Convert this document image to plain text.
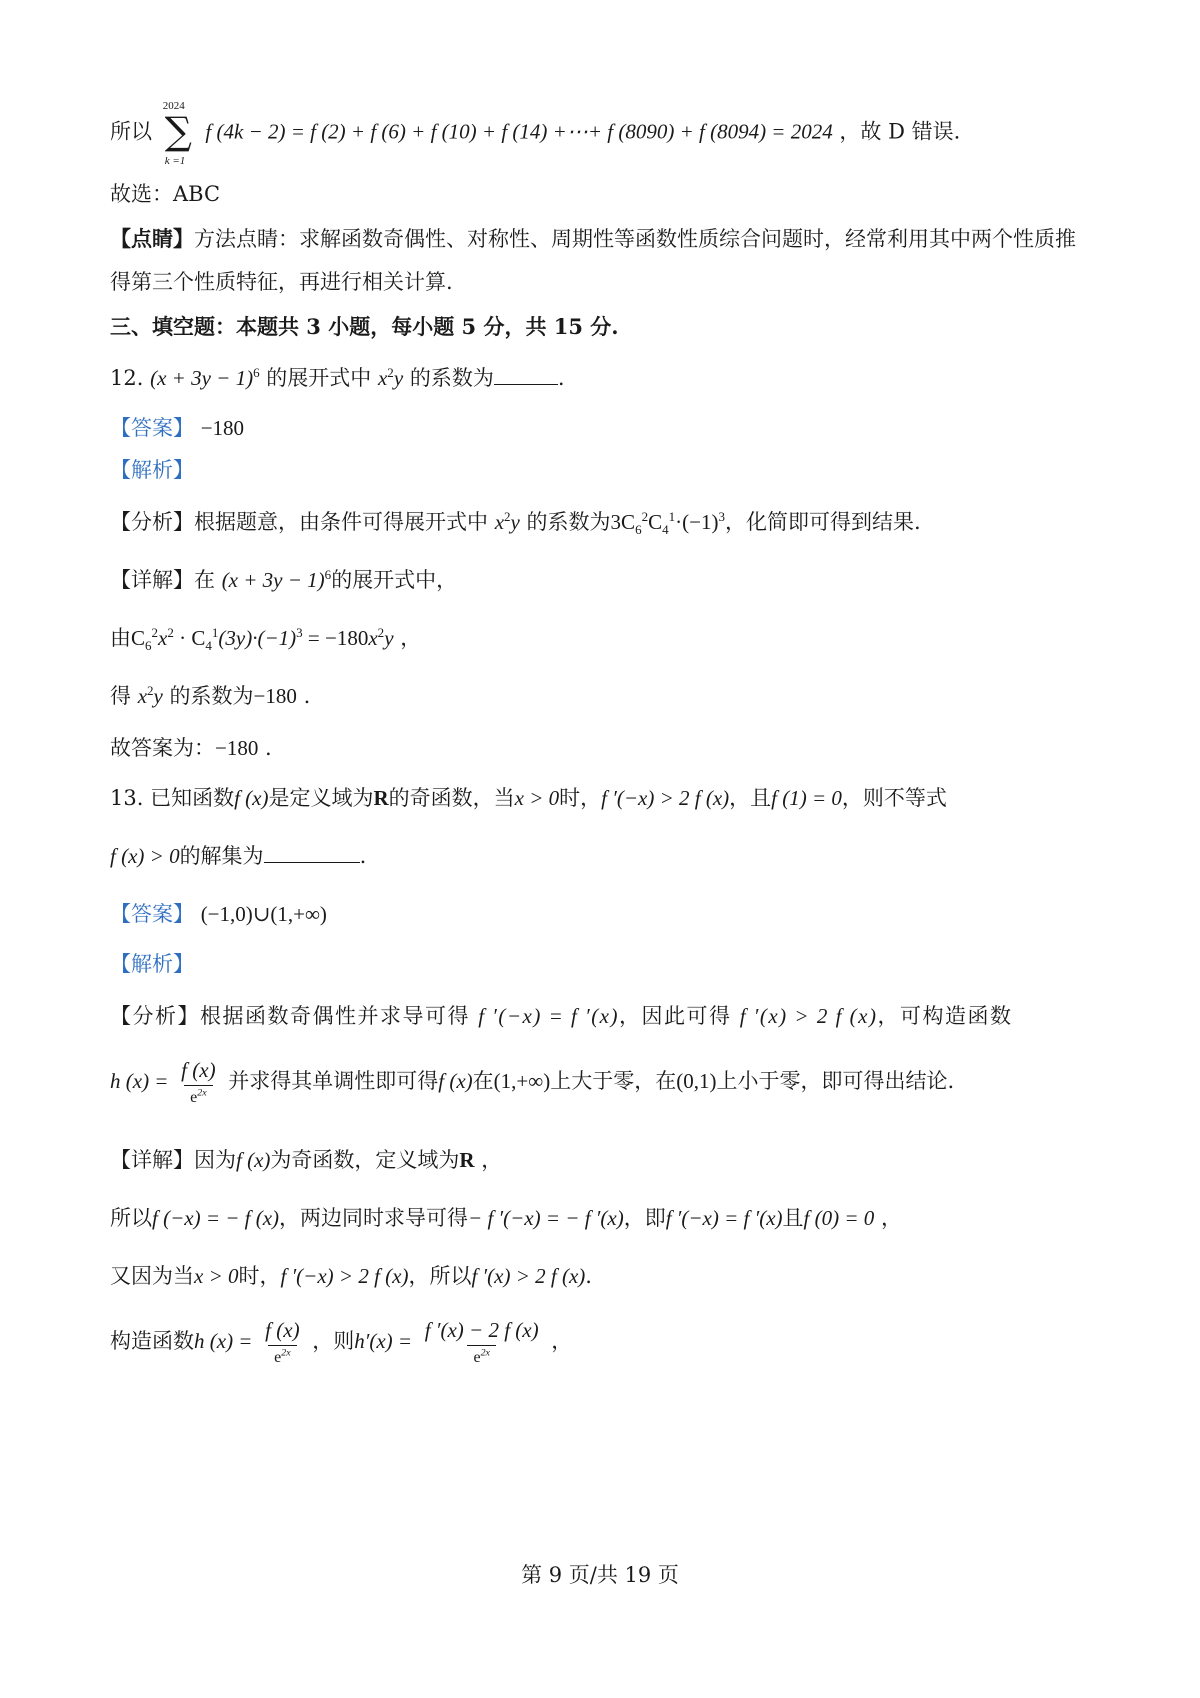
所以
2024
∑
k =1
f (4k − 2) = f (2) + f (6) + f (10) + f (14) +⋯+ f (8090) + f (8094) = 2024 ，故 D 错误.
故选：ABC
【点睛】方法点睛：求解函数奇偶性、对称性、周期性等函数性质综合问题时，经常利用其中两个性质推
得第三个性质特征，再进行相关计算.
三、填空题：本题共 3 小题，每小题 5 分，共 15 分.
12. $(x + 3y - 1)^6$ 的展开式中 $x^2y$ 的系数为	.
【答案】 −180
【解析】
【分析】根据题意，由条件可得展开式中 $x^2y$ 的系数为$3C_6^2C_4^1\cdot(-1)^3$，化简即可得到结果.
【详解】在 $(x + 3y - 1)^6$的展开式中，
由$C_6^2x^2 \cdot C_4^1(3y)\cdot(-1)^3 = -180x^2y$ ，
得 $x^2y$ 的系数为−180 .
故答案为：−180 .
13. 已知函数f (x)是定义域为R的奇函数，当x > 0时，f ′(−x) > 2 f (x)，且f (1) = 0，则不等式
f (x) > 0的解集为	.
【答案】 (−1,0)∪(1,+∞)
【解析】
【分析】根据函数奇偶性并求导可得 f ′(−x) = f ′(x)，因此可得 f ′(x) > 2 f (x)，可构造函数
h $(x) = \frac{f (x)}{e^{2x}}$ 并求得其单调性即可得f (x)在(1,+∞)上大于零，在(0,1)上小于零，即可得出结论.
【详解】因为f (x)为奇函数，定义域为R ，
所以f (−x) = − f (x)，两边同时求导可得− f ′(−x) = − f ′(x)，即f ′(−x) = f ′(x)且f (0) = 0 ，
又因为当x > 0时，f ′(−x) > 2 f (x)，所以f ′(x) > 2 f (x).
构造函数h $(x) = \frac{f (x)}{e^{2x}}$ ，则$h'(x) = \frac{f '(x) - 2 f (x)}{e^{2x}}$ ，
第 9 页/共 19 页
